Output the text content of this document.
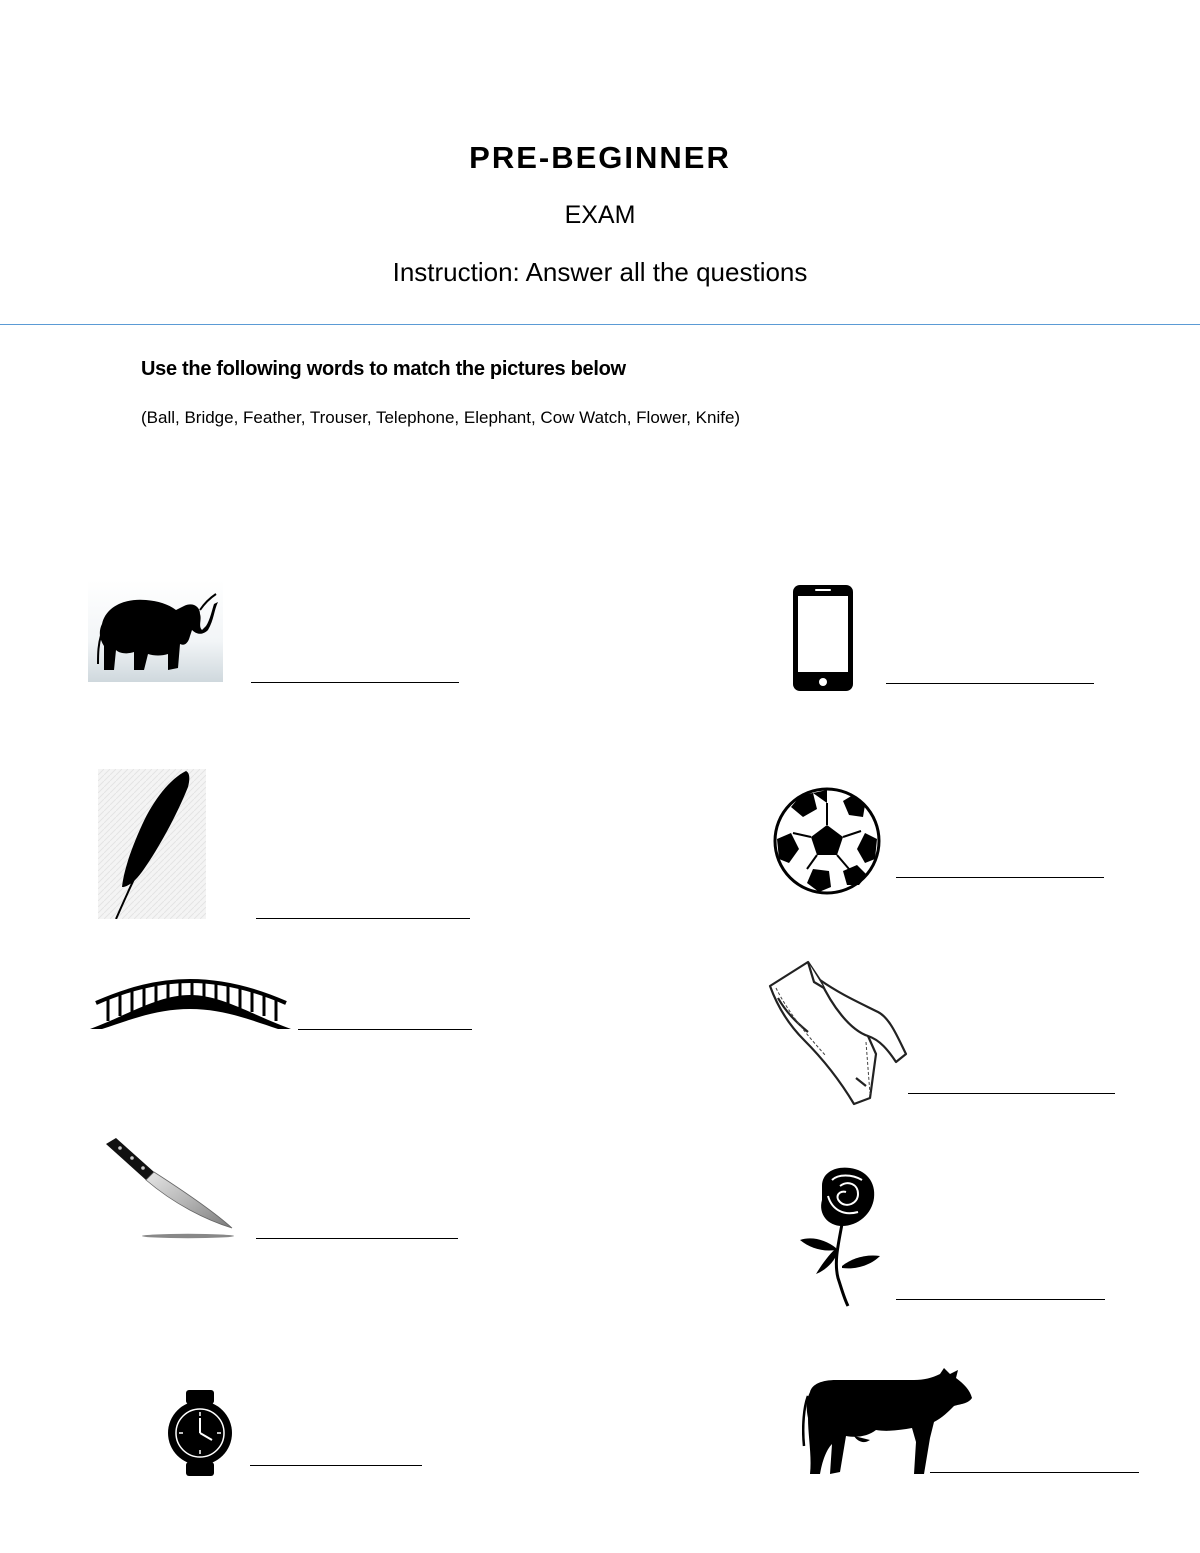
PRE-BEGINNER
EXAM
Instruction: Answer all the questions
Use the following words to match the pictures below
(Ball, Bridge, Feather, Trouser, Telephone, Elephant, Cow Watch, Flower, Knife)
